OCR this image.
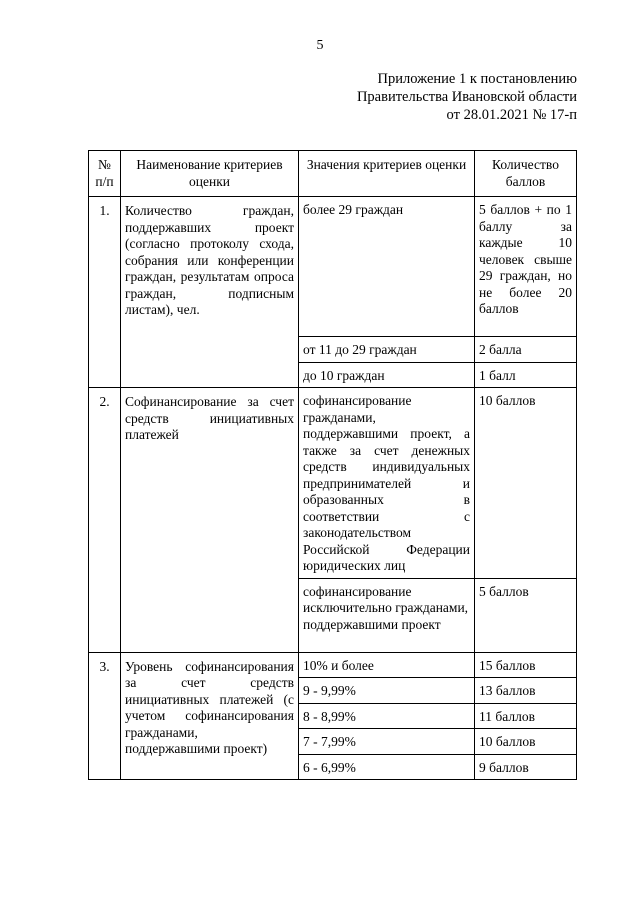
5
Приложение 1 к постановлению
Правительства Ивановской области
от 28.01.2021 № 17-п
№ п/п	Наименование критериев оценки	Значения критериев оценки	Количество баллов
1.	Количество граждан, поддержавших проект (согласно протоколу схода, собрания или конференции граждан, результатам опроса граждан, подписным листам), чел.	более 29 граждан	5 баллов + по 1 баллу за каждые 10 человек свыше 29 граждан, но не более 20 баллов
		от 11 до 29 граждан	2 балла
		до 10 граждан	1 балл
2.	Софинансирование за счет средств инициативных платежей	софинансирование гражданами, поддержавшими проект, а также за счет денежных средств индивидуальных предпринимателей и образованных в соответствии с законодательством Российской Федерации юридических лиц	10 баллов
		софинансирование исключительно гражданами, поддержавшими проект	5 баллов
3.	Уровень софинансирования за счет средств инициативных платежей (с учетом софинансирования гражданами, поддержавшими проект)	10% и более	15 баллов
		9 - 9,99%	13 баллов
		8 - 8,99%	11 баллов
		7 - 7,99%	10 баллов
		6 - 6,99%	9 баллов
